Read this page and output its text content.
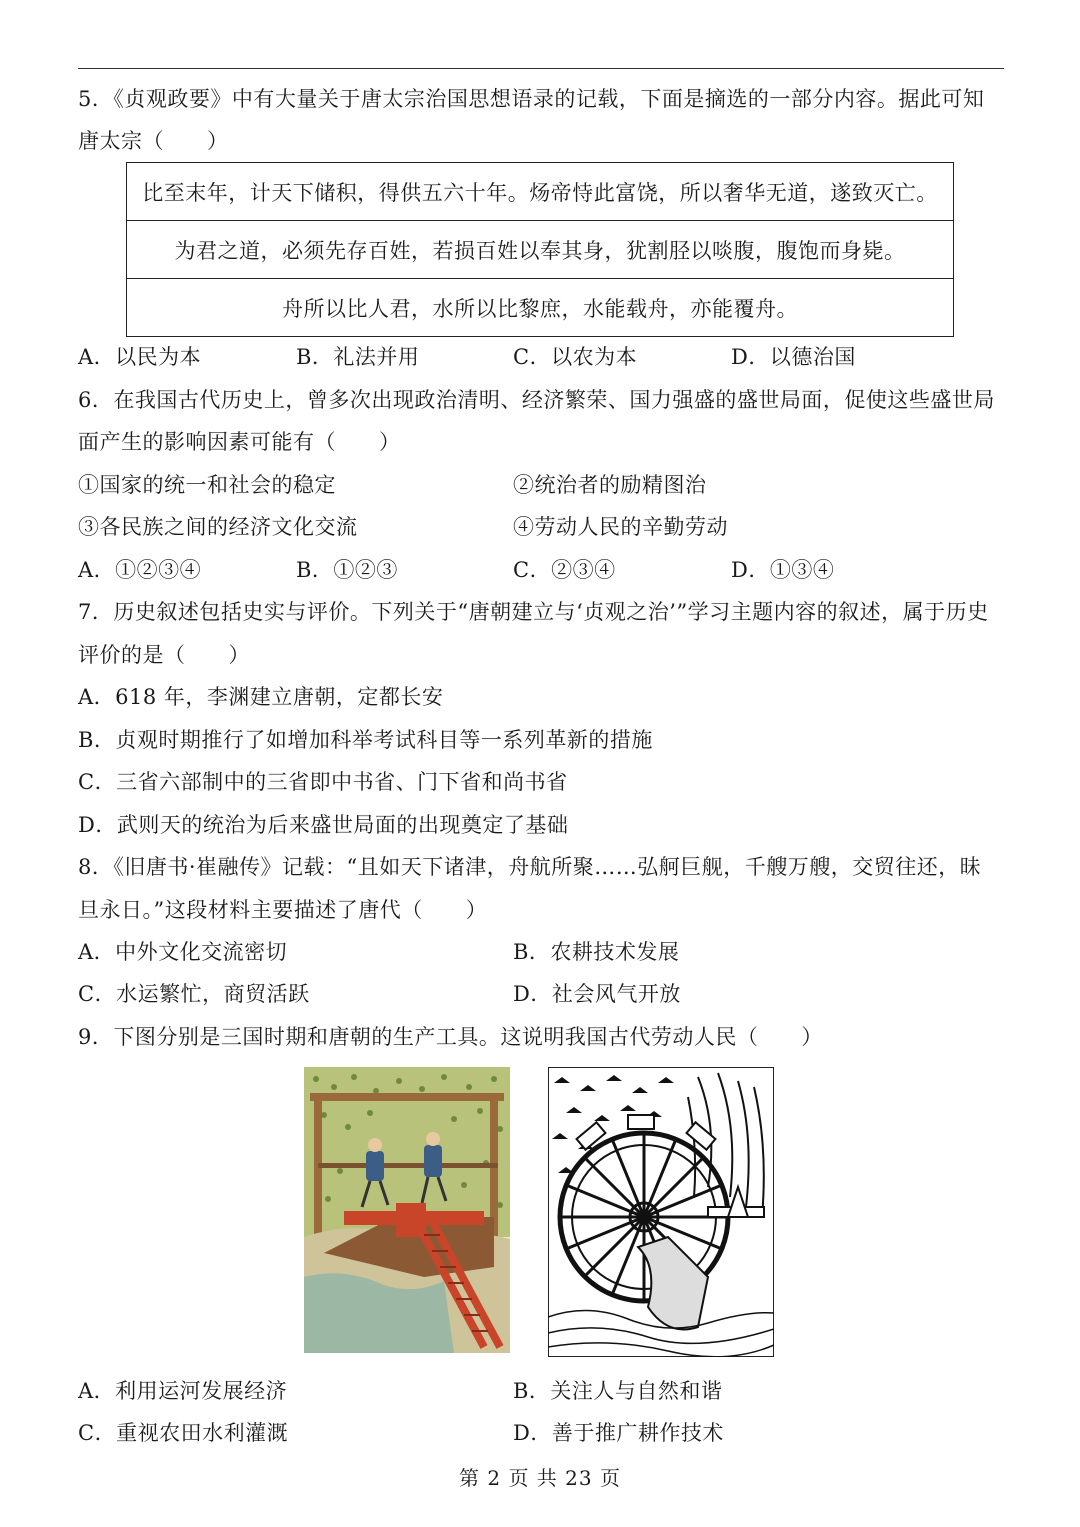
5．《贞观政要》中有大量关于唐太宗治国思想语录的记载，下面是摘选的一部分内容。据此可知
唐太宗（　　）
比至末年，计天下储积，得供五六十年。炀帝恃此富饶，所以奢华无道，遂致灭亡。
为君之道，必须先存百姓，若损百姓以奉其身，犹割胫以啖腹，腹饱而身毙。
舟所以比人君，水所以比黎庶，水能载舟，亦能覆舟。
A．以民为本	B．礼法并用	C．以农为本	D．以德治国
6．在我国古代历史上，曾多次出现政治清明、经济繁荣、国力强盛的盛世局面，促使这些盛世局
面产生的影响因素可能有（　　）
①国家的统一和社会的稳定	②统治者的励精图治
③各民族之间的经济文化交流	④劳动人民的辛勤劳动
A．①②③④	B．①②③	C．②③④	D．①③④
7．历史叙述包括史实与评价。下列关于“唐朝建立与‘贞观之治’”学习主题内容的叙述，属于历史
评价的是（　　）
A．618 年，李渊建立唐朝，定都长安
B．贞观时期推行了如增加科举考试科目等一系列革新的措施
C．三省六部制中的三省即中书省、门下省和尚书省
D．武则天的统治为后来盛世局面的出现奠定了基础
8．《旧唐书·崔融传》记载：“且如天下诸津，舟航所聚……弘舸巨舰，千艘万艘，交贸往还，昧
旦永日。”这段材料主要描述了唐代（　　）
A．中外文化交流密切	B．农耕技术发展
C．水运繁忙，商贸活跃	D．社会风气开放
9．下图分别是三国时期和唐朝的生产工具。这说明我国古代劳动人民（　　）
A．利用运河发展经济	B．关注人与自然和谐
C．重视农田水利灌溉	D．善于推广耕作技术
第 2 页 共 23 页
